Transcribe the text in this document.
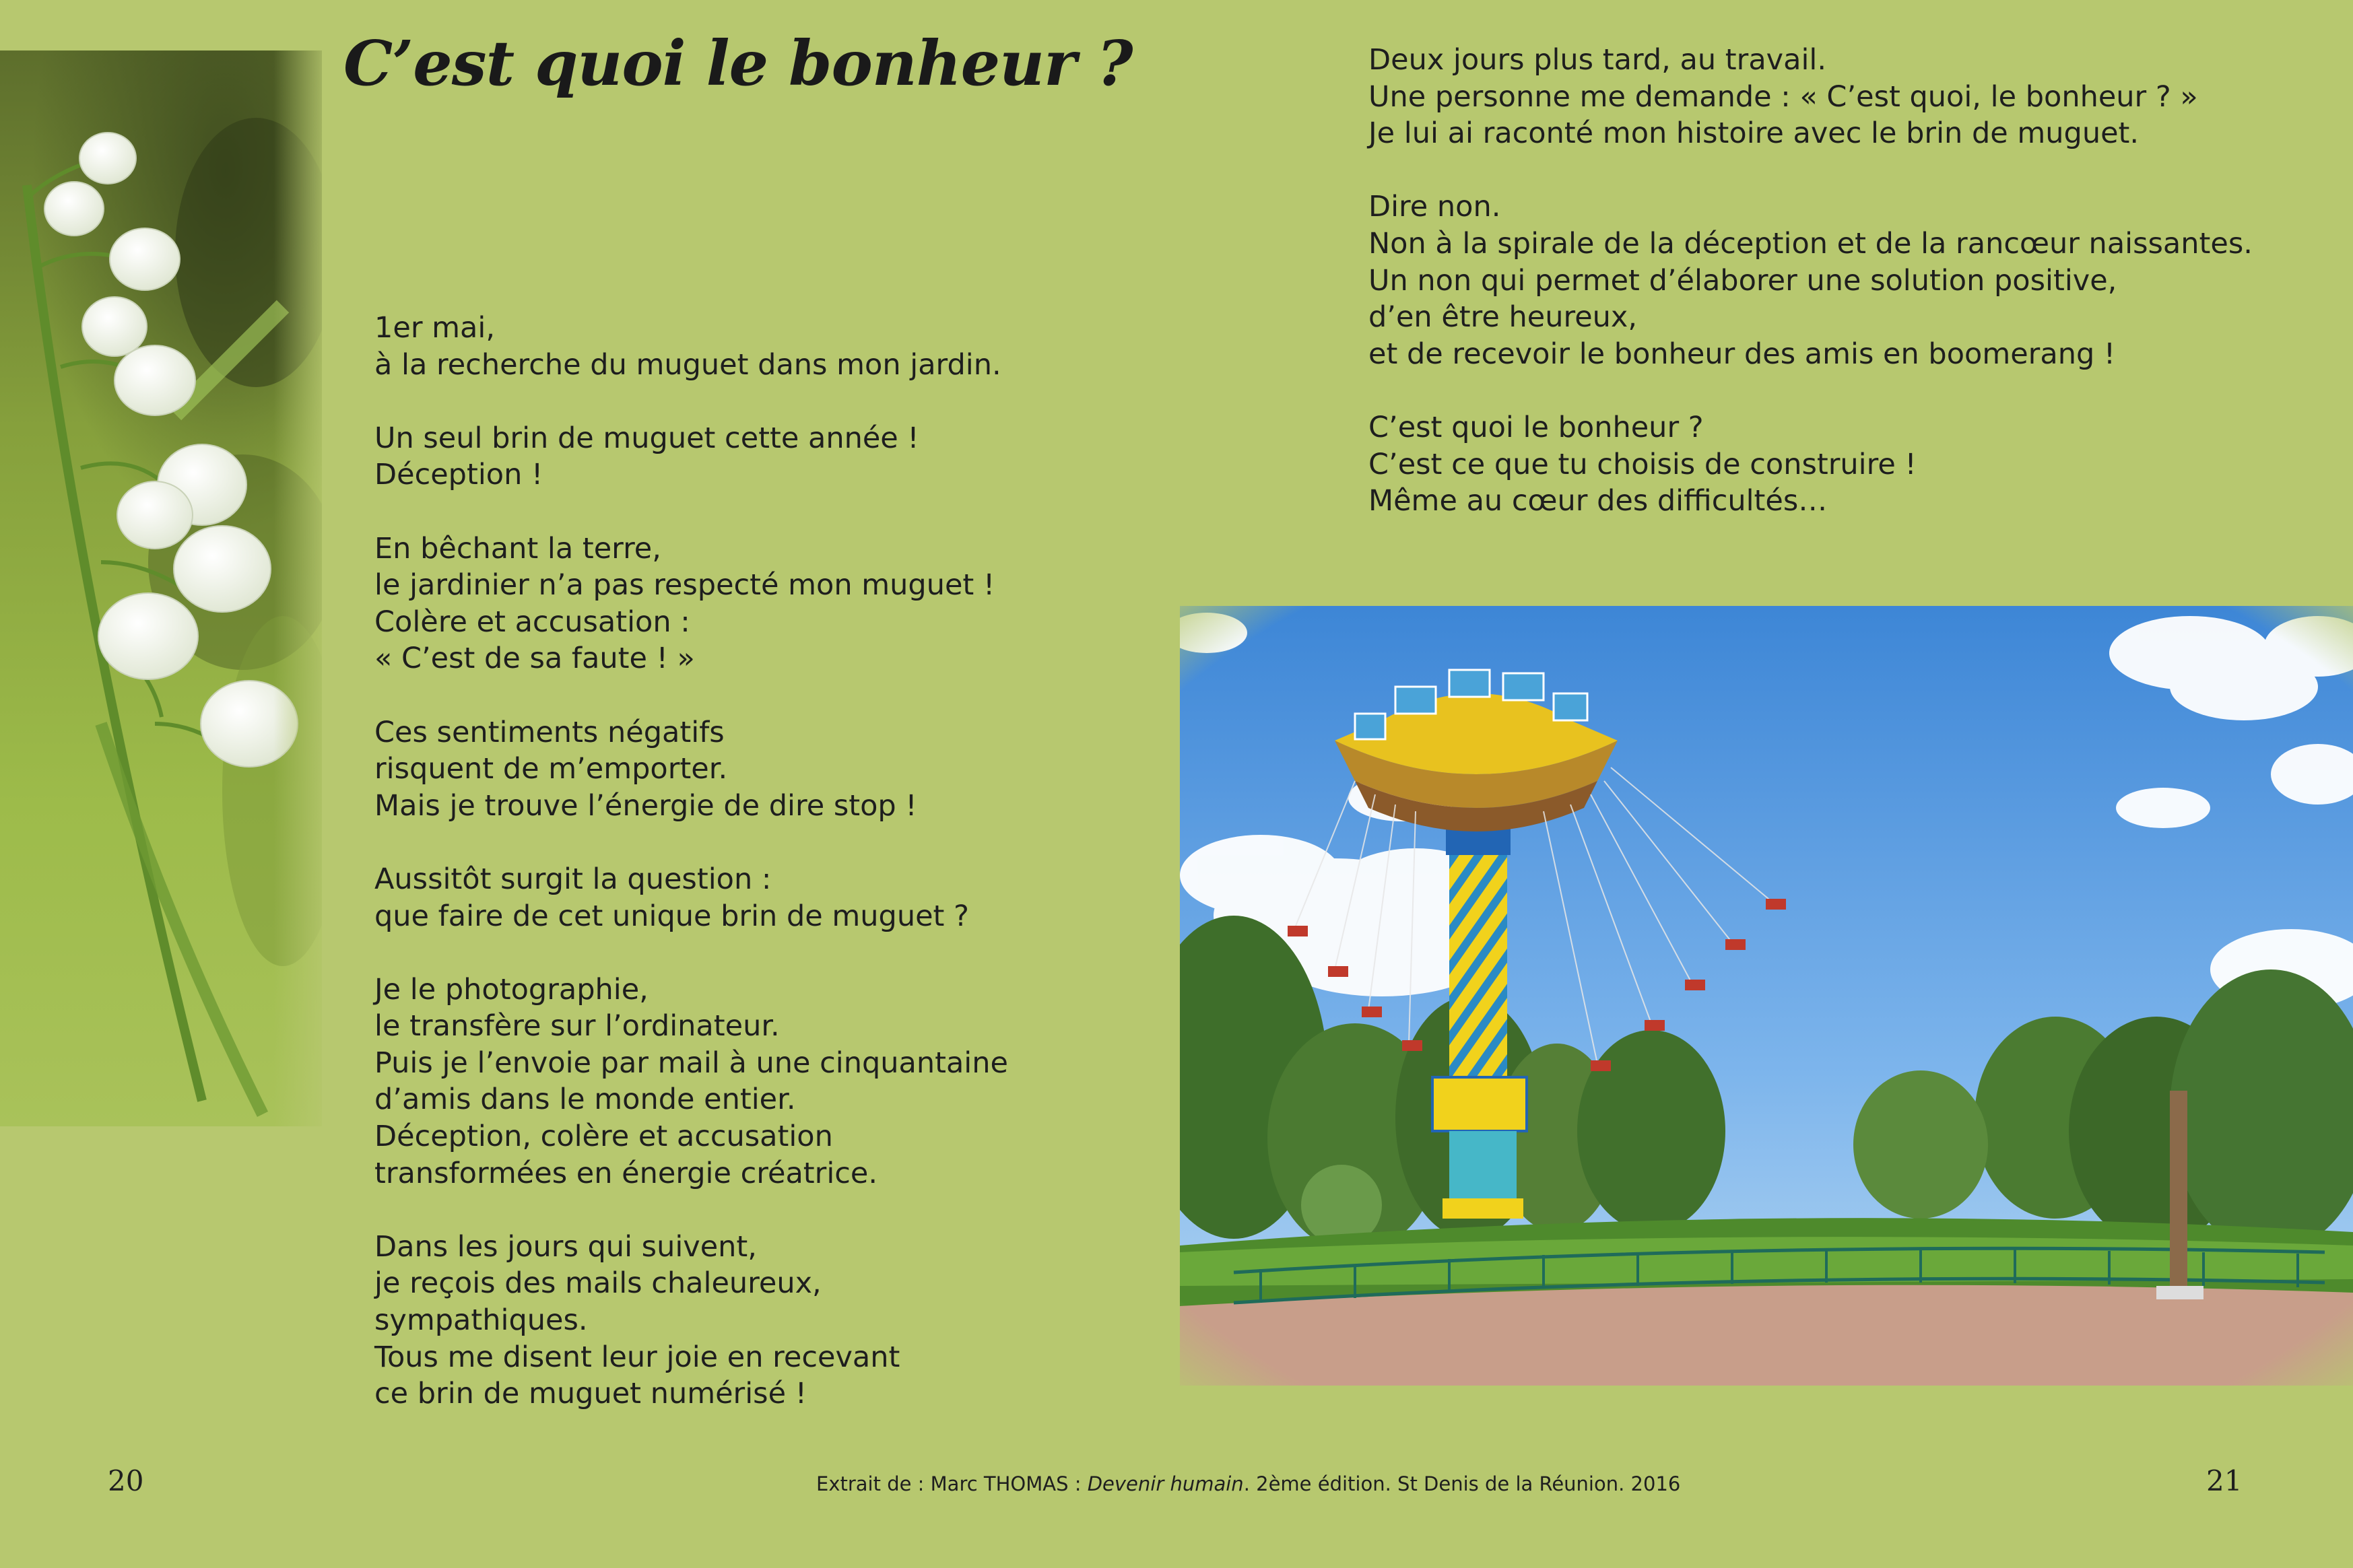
C’est quoi le bonheur ?

1er mai,

à la recherche du muguet dans mon jardin.

Un seul brin de muguet cette année !

Déception !

En bêchant la terre,

le jardinier n’a pas respecté mon muguet !

Colère et accusation :

« C’est de sa faute ! »

Ces sentiments négatifs

risquent de m’emporter.

Mais je trouve l’énergie de dire stop !

Aussitôt surgit la question :

que faire de cet unique brin de muguet ?

Je le photographie,

le transfère sur l’ordinateur.

Puis je l’envoie par mail à une cinquantaine

d’amis dans le monde entier.

Déception, colère et accusation

transformées en énergie créatrice.

Dans les jours qui suivent,

je reçois des mails chaleureux,

sympathiques.

Tous me disent leur joie en recevant

ce brin de muguet numérisé !

Deux jours plus tard, au travail.

Une personne me demande : « C’est quoi, le bonheur ? »

Je lui ai raconté mon histoire avec le brin de muguet.

Dire non.

Non à la spirale de la déception et de la rancœur naissantes.

Un non qui permet d’élaborer une solution positive,

d’en être heureux,

et de recevoir le bonheur des amis en boomerang !

C’est quoi le bonheur ?

C’est ce que tu choisis de construire !

Même au cœur des difficultés…

20	21
Extrait de : Marc THOMAS : Devenir humain. 2ème édition. St Denis de la Réunion. 2016
